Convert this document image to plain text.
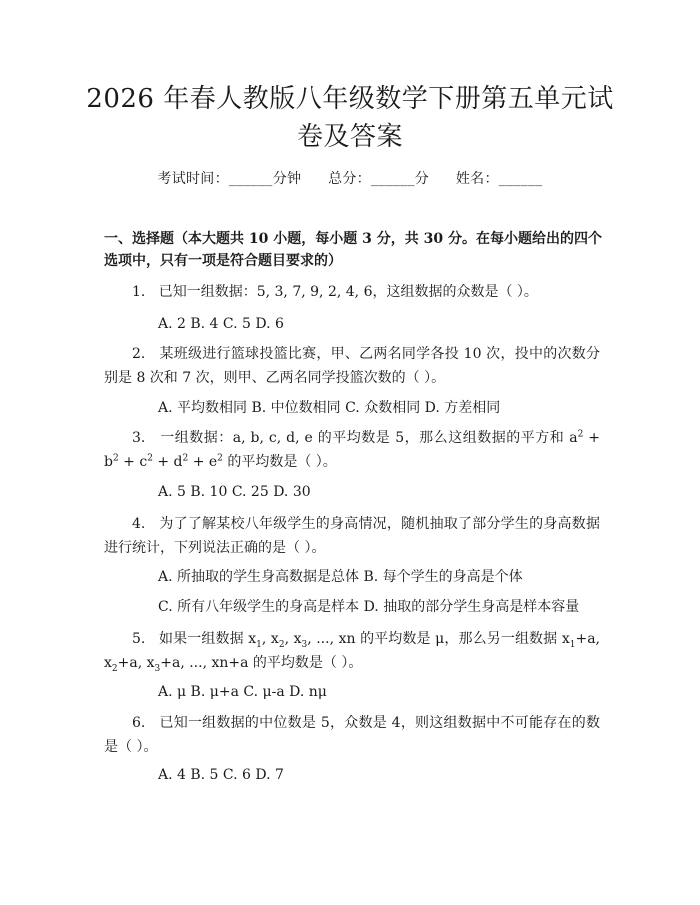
2026 年春人教版八年级数学下册第五单元试
卷及答案
考试时间：______分钟 总分：______分 姓名：______
一、选择题（本大题共 10 小题，每小题 3 分，共 30 分。在每小题给出的四个选项中，只有一项是符合题目要求的）
1. 已知一组数据：5, 3, 7, 9, 2, 4, 6，这组数据的众数是（ ）。
A. 2 B. 4 C. 5 D. 6
2. 某班级进行篮球投篮比赛，甲、乙两名同学各投 10 次，投中的次数分别是 8 次和 7 次，则甲、乙两名同学投篮次数的（ ）。
A. 平均数相同 B. 中位数相同 C. 众数相同 D. 方差相同
3. 一组数据：a, b, c, d, e 的平均数是 5，那么这组数据的平方和 $a^2 + b^2 + c^2 + d^2 + e^2$ 的平均数是（ ）。
A. 5 B. 10 C. 25 D. 30
4. 为了了解某校八年级学生的身高情况，随机抽取了部分学生的身高数据进行统计，下列说法正确的是（ ）。
A. 所抽取的学生身高数据是总体 B. 每个学生的身高是个体
C. 所有八年级学生的身高是样本 D. 抽取的部分学生身高是样本容量
5. 如果一组数据 $x_1$, $x_2$, $x_3$, ..., xn 的平均数是 μ，那么另一组数据 $x_1+a$, $x_2+a$, $x_3+a$, ..., xn+a 的平均数是（ ）。
A. μ B. μ+a C. μ-a D. nμ
6. 已知一组数据的中位数是 5，众数是 4，则这组数据中不可能存在的数是（ ）。
A. 4 B. 5 C. 6 D. 7
